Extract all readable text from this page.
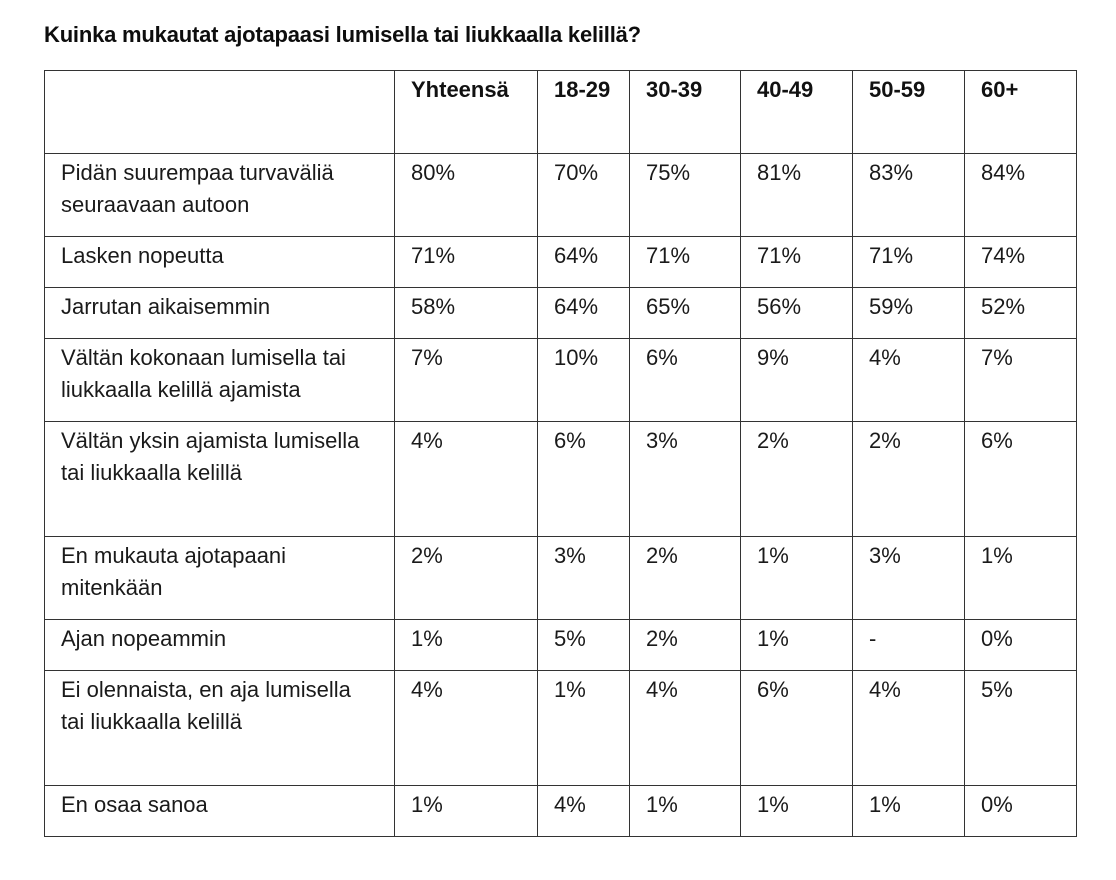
Kuinka mukautat ajotapaasi lumisella tai liukkaalla kelillä?
	Yhteensä	18-29	30-39	40-49	50-59	60+
Pidän suurempaa turvaväliä seuraavaan autoon	80%	70%	75%	81%	83%	84%
Lasken nopeutta	71%	64%	71%	71%	71%	74%
Jarrutan aikaisemmin	58%	64%	65%	56%	59%	52%
Vältän kokonaan lumisella tai liukkaalla kelillä ajamista	7%	10%	6%	9%	4%	7%
Vältän yksin ajamista lumisella tai liukkaalla kelillä	4%	6%	3%	2%	2%	6%
En mukauta ajotapaani mitenkään	2%	3%	2%	1%	3%	1%
Ajan nopeammin	1%	5%	2%	1%	-	0%
Ei olennaista, en aja lumisella tai liukkaalla kelillä	4%	1%	4%	6%	4%	5%
En osaa sanoa	1%	4%	1%	1%	1%	0%
